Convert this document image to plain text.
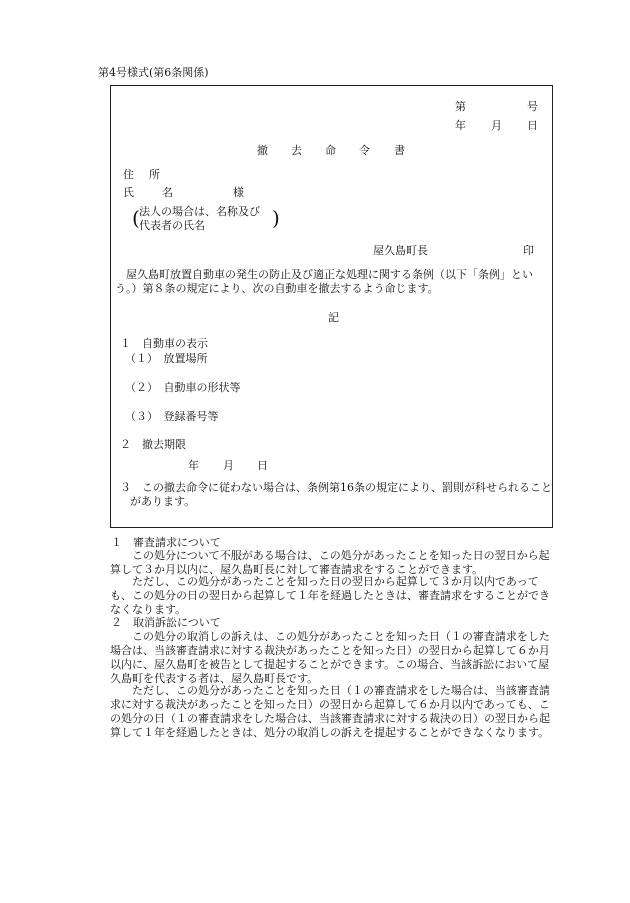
第4号様式(第6条関係)
第	号
年 月 日
撤 去 命 令 書
住 所
氏	名	様
( 法人の場合は、名称及び
代表者の氏名	)
屋久島町長	印
屋久島町放置自動車の発生の防止及び適正な処理に関する条例（以下「条例」という。）第８条の規定により、次の自動車を撤去するよう命じます。
記
１　自動車の表示
（１）　放置場所
（２）　自動車の形状等
（３）　登録番号等
２　撤去期限
年 月 日
３　この撤去命令に従わない場合は、条例第16条の規定により、罰則が科せられることがあります。
１　審査請求について
この処分について不服がある場合は、この処分があったことを知った日の翌日から起算して３か月以内に、屋久島町長に対して審査請求をすることができます。
ただし、この処分があったことを知った日の翌日から起算して３か月以内であっても、この処分の日の翌日から起算して１年を経過したときは、審査請求をすることができなくなります。
２　取消訴訟について
この処分の取消しの訴えは、この処分があったことを知った日（１の審査請求をした場合は、当該審査請求に対する裁決があったことを知った日）の翌日から起算して６か月以内に、屋久島町を被告として提起することができます。この場合、当該訴訟において屋久島町を代表する者は、屋久島町長です。
ただし、この処分があったことを知った日（１の審査請求をした場合は、当該審査請求に対する裁決があったことを知った日）の翌日から起算して６か月以内であっても、この処分の日（１の審査請求をした場合は、当該審査請求に対する裁決の日）の翌日から起算して１年を経過したときは、処分の取消しの訴えを提起することができなくなります。
